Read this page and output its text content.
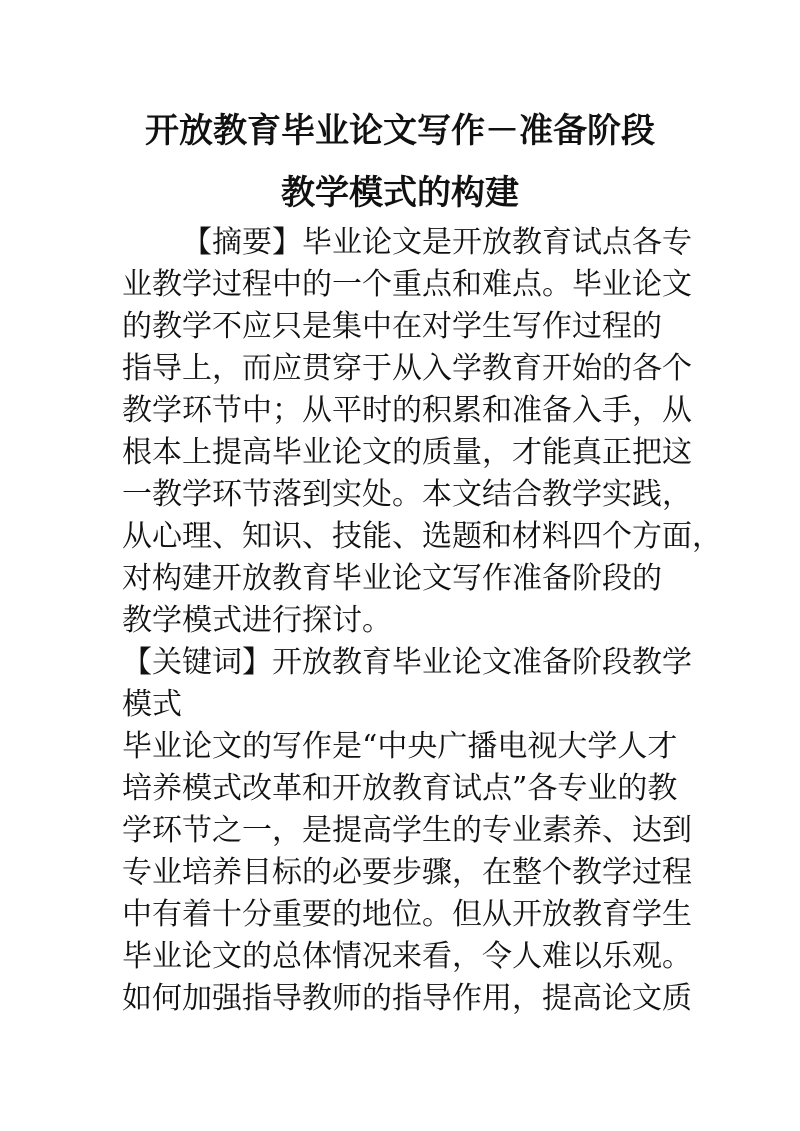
开放教育毕业论文写作－准备阶段
教学模式的构建
【摘要】毕业论文是开放教育试点各专
业教学过程中的一个重点和难点。毕业论文
的教学不应只是集中在对学生写作过程的
指导上，而应贯穿于从入学教育开始的各个
教学环节中；从平时的积累和准备入手，从
根本上提高毕业论文的质量，才能真正把这
一教学环节落到实处。本文结合教学实践，
从心理、知识、技能、选题和材料四个方面，
对构建开放教育毕业论文写作准备阶段的
教学模式进行探讨。
【关键词】开放教育毕业论文准备阶段教学
模式
毕业论文的写作是“中央广播电视大学人才
培养模式改革和开放教育试点”各专业的教
学环节之一，是提高学生的专业素养、达到
专业培养目标的必要步骤，在整个教学过程
中有着十分重要的地位。但从开放教育学生
毕业论文的总体情况来看，令人难以乐观。
如何加强指导教师的指导作用，提高论文质
